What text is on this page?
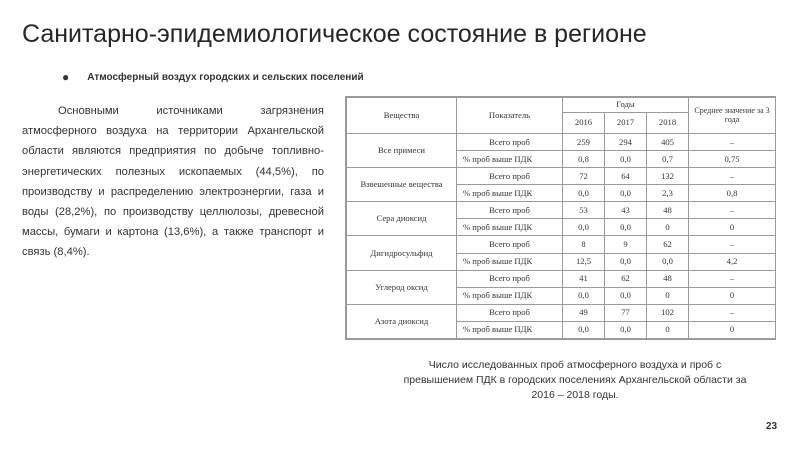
Санитарно-эпидемиологическое состояние в регионе
● Атмосферный воздух городских и сельских поселений
Основными источниками загрязнения атмосферного воздуха на территории Архангельской области являются предприятия по добыче топливно-энергетических полезных ископаемых (44,5%), по производству и распределению электроэнергии, газа и воды (28,2%), по производству целлюлозы, древесной массы, бумаги и картона (13,6%), а также транспорт и связь (8,4%).
Вещества	Показатель	Годы			Среднее значение за 3 года
		2016	2017	2018	
Все примеси	Всего проб	259	294	405	–
	% проб выше ПДК	0,8	0,0	0,7	0,75
Взвешенные вещества	Всего проб	72	64	132	–
	% проб выше ПДК	0,0	0,0	2,3	0,8
Сера диоксид	Всего проб	53	43	48	–
	% проб выше ПДК	0,0	0,0	0	0
Дигидросульфид	Всего проб	8	9	62	–
	% проб выше ПДК	12,5	0,0	0,0	4,2
Углерод оксид	Всего проб	41	62	48	–
	% проб выше ПДК	0,0	0,0	0	0
Азота диоксид	Всего проб	49	77	102	–
	% проб выше ПДК	0,0	0,0	0	0
Число исследованных проб атмосферного воздуха и проб с превышением ПДК в городских поселениях Архангельской области за 2016 – 2018 годы.
23
